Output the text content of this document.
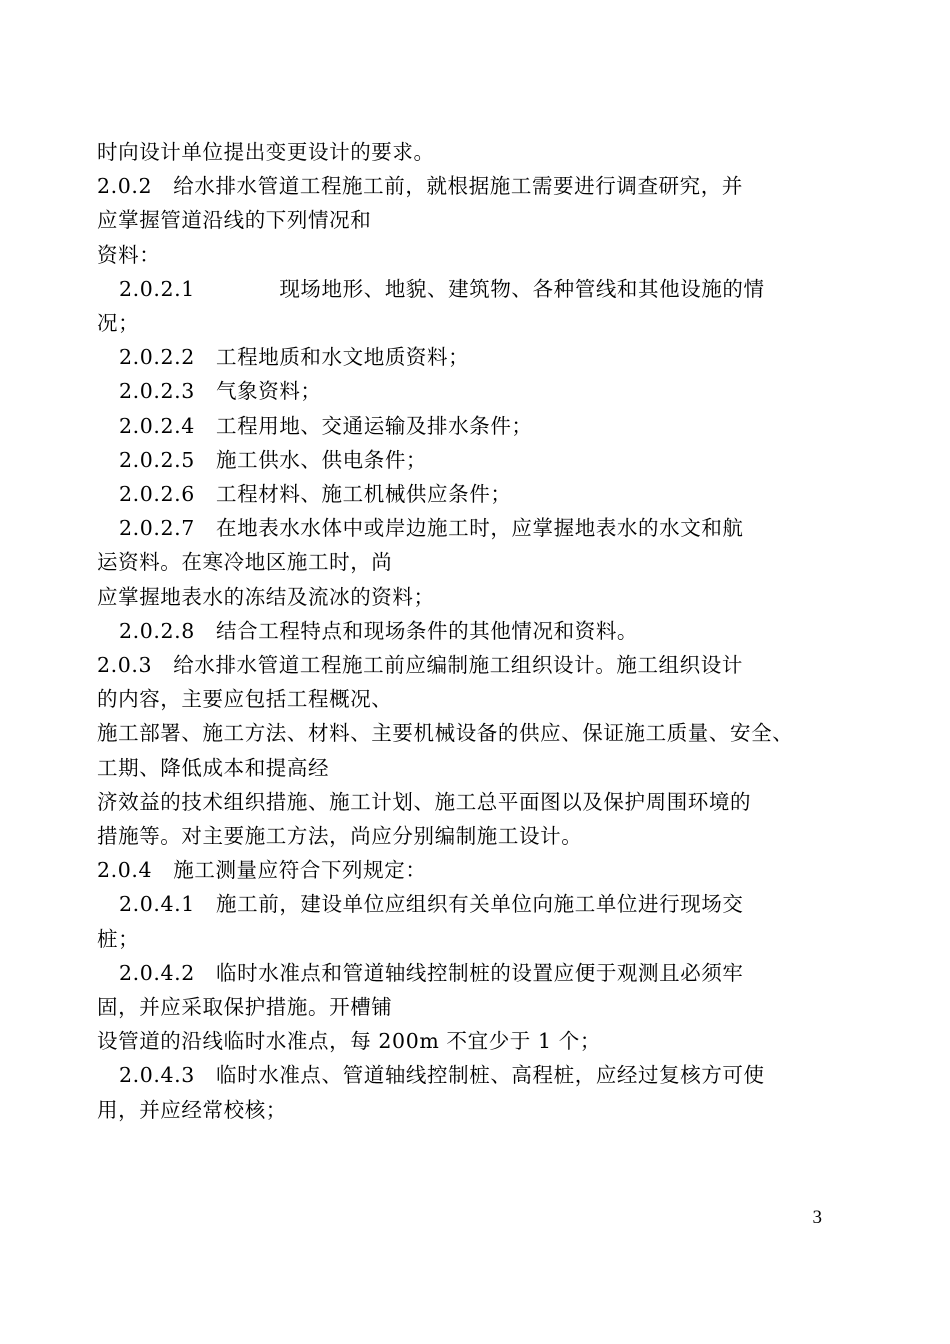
时向设计单位提出变更设计的要求。
2.0.2　给水排水管道工程施工前，就根据施工需要进行调查研究，并
应掌握管道沿线的下列情况和
资料：
2.0.2.1　　　　现场地形、地貌、建筑物、各种管线和其他设施的情
况；
2.0.2.2　工程地质和水文地质资料；
2.0.2.3　气象资料；
2.0.2.4　工程用地、交通运输及排水条件；
2.0.2.5　施工供水、供电条件；
2.0.2.6　工程材料、施工机械供应条件；
2.0.2.7　在地表水水体中或岸边施工时，应掌握地表水的水文和航
运资料。在寒冷地区施工时，尚
应掌握地表水的冻结及流冰的资料；
2.0.2.8　结合工程特点和现场条件的其他情况和资料。
2.0.3　给水排水管道工程施工前应编制施工组织设计。施工组织设计
的内容，主要应包括工程概况、
施工部署、施工方法、材料、主要机械设备的供应、保证施工质量、安全、
工期、降低成本和提高经
济效益的技术组织措施、施工计划、施工总平面图以及保护周围环境的
措施等。对主要施工方法，尚应分别编制施工设计。
2.0.4　施工测量应符合下列规定：
2.0.4.1　施工前，建设单位应组织有关单位向施工单位进行现场交
桩；
2.0.4.2　临时水准点和管道轴线控制桩的设置应便于观测且必须牢
固，并应采取保护措施。开槽铺
设管道的沿线临时水准点，每 200m 不宜少于 1 个；
2.0.4.3　临时水准点、管道轴线控制桩、高程桩，应经过复核方可使
用，并应经常校核；
3
